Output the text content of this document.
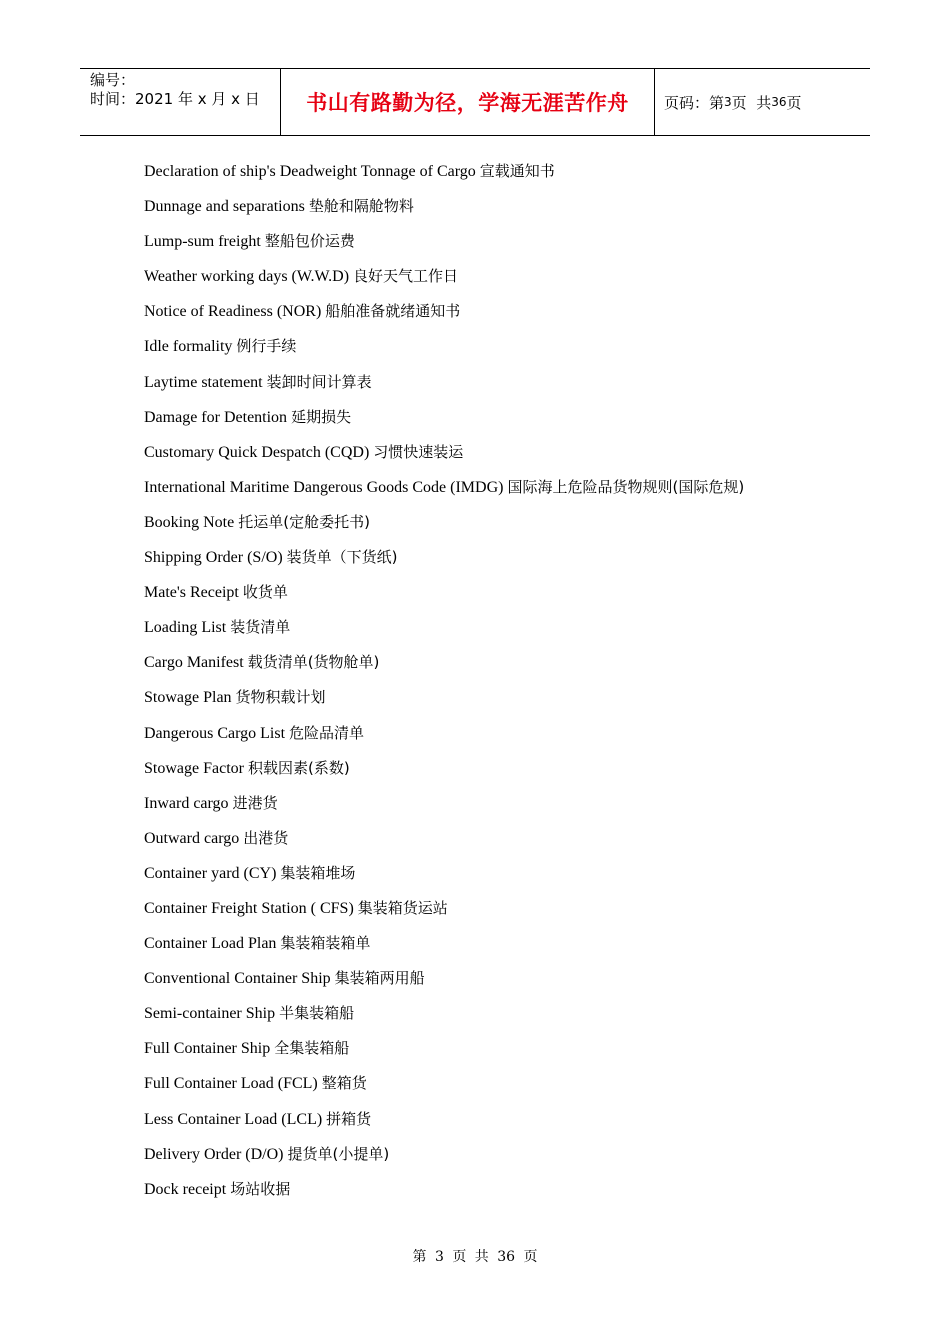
编号：
时间：2021 年 x 月 x 日	书山有路勤为径，学海无涯苦作舟	页码：第 3 页  共 36 页
Declaration of ship's Deadweight Tonnage of Cargo 宣载通知书
Dunnage and separations 垫舱和隔舱物料
Lump-sum freight 整船包价运费
Weather working days (W.W.D) 良好天气工作日
Notice of Readiness (NOR) 船舶准备就绪通知书
Idle formality 例行手续
Laytime statement 装卸时间计算表
Damage for Detention 延期损失
Customary Quick Despatch (CQD) 习惯快速装运
International Maritime Dangerous Goods Code (IMDG) 国际海上危险品货物规则(国际危规)
Booking Note 托运单(定舱委托书)
Shipping Order (S/O) 装货单（下货纸)
Mate's Receipt 收货单
Loading List 装货清单
Cargo Manifest 载货清单(货物舱单)
Stowage Plan 货物积载计划
Dangerous Cargo List 危险品清单
Stowage Factor 积载因素(系数)
Inward cargo 进港货
Outward cargo 出港货
Container yard (CY) 集装箱堆场
Container Freight Station ( CFS) 集装箱货运站
Container Load Plan 集装箱装箱单
Conventional Container Ship 集装箱两用船
Semi-container Ship 半集装箱船
Full Container Ship 全集装箱船
Full Container Load (FCL) 整箱货
Less Container Load (LCL) 拼箱货
Delivery Order (D/O) 提货单(小提单)
Dock receipt 场站收据
第 3 页 共 36 页
